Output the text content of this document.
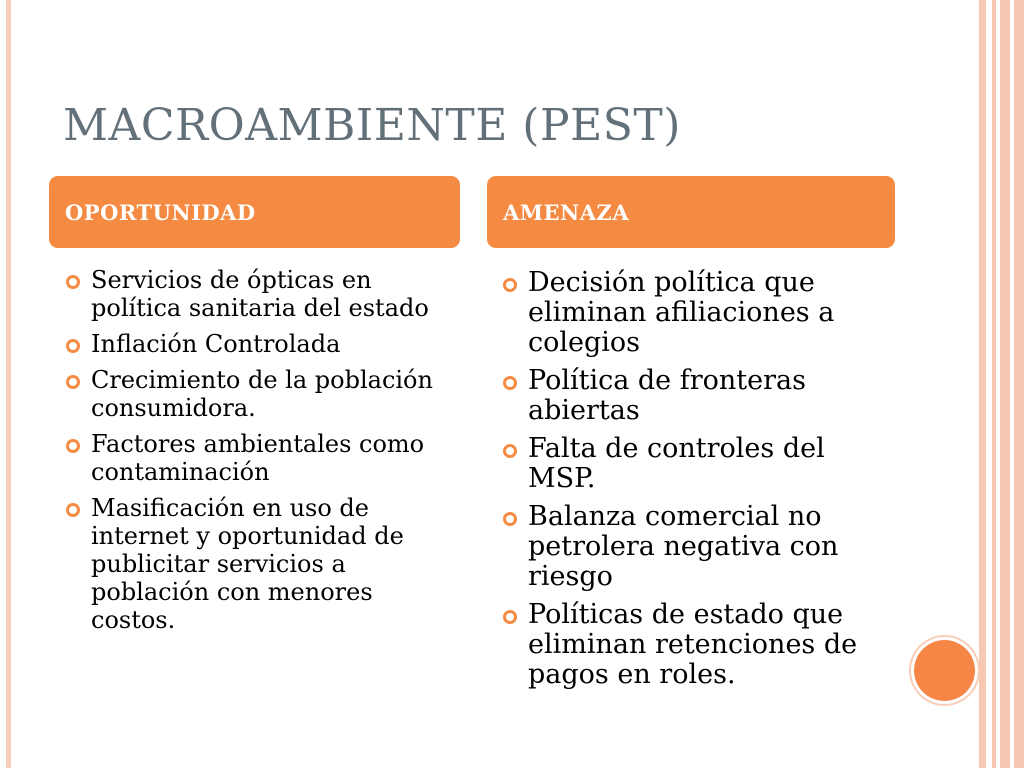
MACROAMBIENTE (PEST)
OPORTUNIDAD	AMENAZA
Servicios de ópticas en política sanitaria del estado
Inflación Controlada
Crecimiento de la población consumidora.
Factores ambientales como contaminación
Masificación en uso de internet y oportunidad de publicitar servicios a población con menores costos.
Decisión política que eliminan afiliaciones a colegios
Política de fronteras abiertas
Falta de controles del MSP.
Balanza comercial no petrolera negativa con riesgo
Políticas de estado que eliminan retenciones de pagos en roles.
